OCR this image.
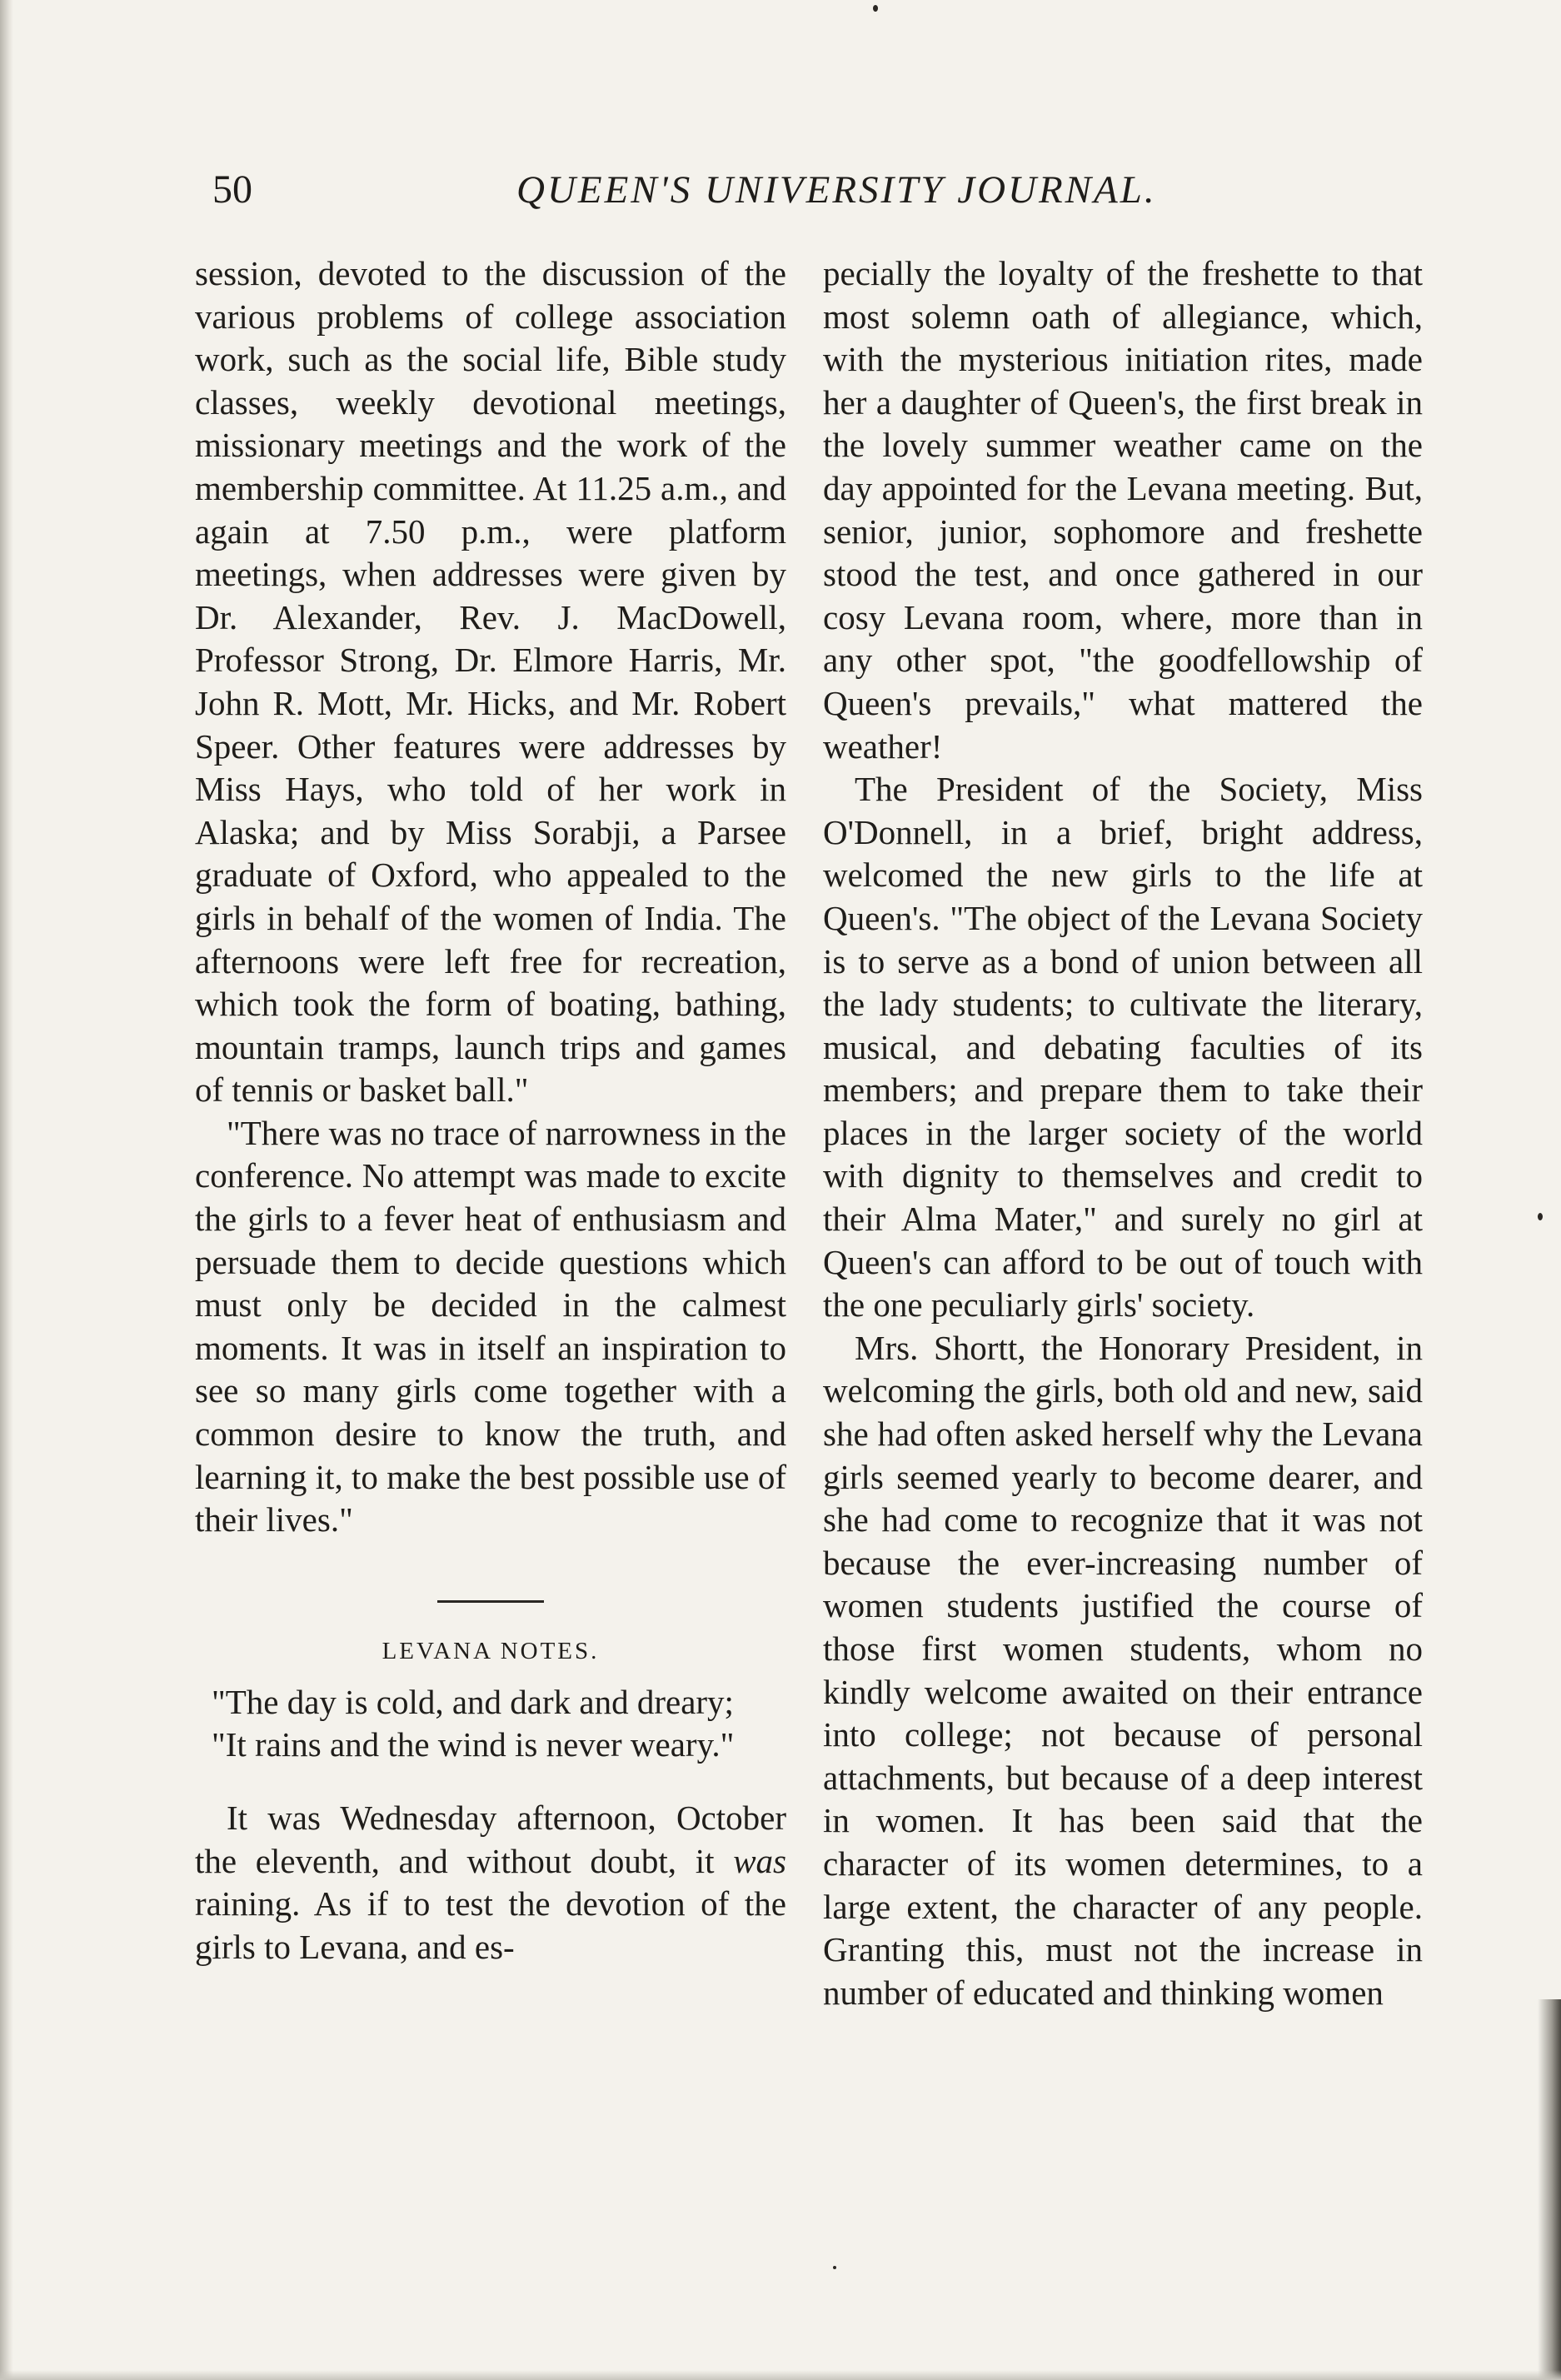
50	QUEEN'S UNIVERSITY JOURNAL.

session, devoted to the discussion of the various problems of college association work, such as the social life, Bible study classes, weekly devotional meetings, missionary meetings and the work of the membership committee. At 11.25 a.m., and again at 7.50 p.m., were platform meetings, when addresses were given by Dr. Alexander, Rev. J. MacDowell, Professor Strong, Dr. Elmore Harris, Mr. John R. Mott, Mr. Hicks, and Mr. Robert Speer. Other features were addresses by Miss Hays, who told of her work in Alaska; and by Miss Sorabji, a Parsee graduate of Oxford, who appealed to the girls in behalf of the women of India. The afternoons were left free for recreation, which took the form of boating, bathing, mountain tramps, launch trips and games of tennis or basket ball."

"There was no trace of narrowness in the conference. No attempt was made to excite the girls to a fever heat of enthusiasm and persuade them to decide questions which must only be decided in the calmest moments. It was in itself an inspiration to see so many girls come together with a common desire to know the truth, and learning it, to make the best possible use of their lives."

LEVANA NOTES.
"The day is cold, and dark and dreary;
"It rains and the wind is never weary."

It was Wednesday afternoon, October the eleventh, and without doubt, it was raining. As if to test the devotion of the girls to Levana, and es-

pecially the loyalty of the freshette to that most solemn oath of allegiance, which, with the mysterious initiation rites, made her a daughter of Queen's, the first break in the lovely summer weather came on the day appointed for the Levana meeting. But, senior, junior, sophomore and freshette stood the test, and once gathered in our cosy Levana room, where, more than in any other spot, "the goodfellowship of Queen's prevails," what mattered the weather!

The President of the Society, Miss O'Donnell, in a brief, bright address, welcomed the new girls to the life at Queen's. "The object of the Levana Society is to serve as a bond of union between all the lady students; to cultivate the literary, musical, and debating faculties of its members; and prepare them to take their places in the larger society of the world with dignity to themselves and credit to their Alma Mater," and surely no girl at Queen's can afford to be out of touch with the one peculiarly girls' society.

Mrs. Shortt, the Honorary President, in welcoming the girls, both old and new, said she had often asked herself why the Levana girls seemed yearly to become dearer, and she had come to recognize that it was not because the ever-increasing number of women students justified the course of those first women students, whom no kindly welcome awaited on their entrance into college; not because of personal attachments, but because of a deep interest in women. It has been said that the character of its women determines, to a large extent, the character of any people. Granting this, must not the increase in number of educated and thinking women
